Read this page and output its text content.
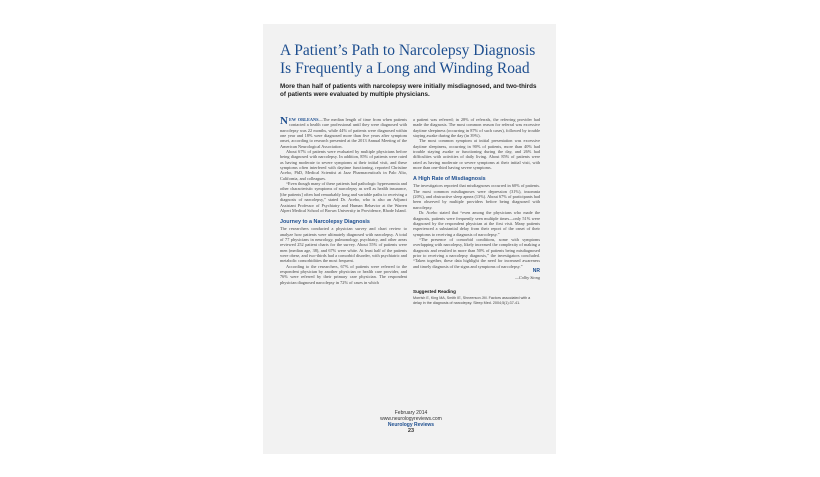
A Patient’s Path to Narcolepsy Diagnosis Is Frequently a Long and Winding Road

More than half of patients with narcolepsy were initially misdiagnosed, and two-thirds of patients were evaluated by multiple physicians.

NEW ORLEANS—The median length of time from when patients contacted a health care professional until they were diagnosed with narcolepsy was 22 months, while 44% of patients were diagnosed within one year and 18% were diagnosed more than five years after symptom onset, according to research presented at the 2013 Annual Meeting of the American Neurological Association.

About 67% of patients were evaluated by multiple physicians before being diagnosed with narcolepsy. In addition, 85% of patients were rated as having moderate to severe symptoms at their initial visit, and these symptoms often interfered with daytime functioning, reported Christine Acebo, PhD, Medical Scientist at Jazz Pharmaceuticals in Palo Alto, California, and colleagues.

“Even though many of these patients had pathologic hypersomnia and other characteristic symptoms of narcolepsy as well as health insurance, [the patients] often had remarkably long and variable paths to receiving a diagnosis of narcolepsy,” stated Dr. Acebo, who is also an Adjunct Assistant Professor of Psychiatry and Human Behavior at the Warren Alpert Medical School of Brown University in Providence, Rhode Island.

Journey to a Narcolepsy Diagnosis

The researchers conducted a physician survey and chart review to analyze how patients were ultimately diagnosed with narcolepsy. A total of 77 physicians in neurology, pulmonology, psychiatry, and other areas reviewed 252 patient charts for the survey. About 55% of patients were men (median age, 38), and 67% were white. At least half of the patients were obese, and two-thirds had a comorbid disorder, with psychiatric and metabolic comorbidities the most frequent.

According to the researchers, 67% of patients were referred to the respondent physician by another physician or health care provider, and 76% were referred by their primary care physician. The respondent physician diagnosed narcolepsy in 72% of cases in which

a patient was referred; in 28% of referrals, the referring provider had made the diagnosis. The most common reason for referral was excessive daytime sleepiness (occurring in 87% of such cases), followed by trouble staying awake during the day (in 39%).

The most common symptom at initial presentation was excessive daytime sleepiness, occurring in 90% of patients, more than 40% had trouble staying awake or functioning during the day, and 26% had difficulties with activities of daily living. About 85% of patients were rated as having moderate or severe symptoms at their initial visit, with more than one-third having severe symptoms.

A High Rate of Misdiagnosis

The investigators reported that misdiagnoses occurred in 60% of patients. The most common misdiagnoses were depression (31%), insomnia (20%), and obstructive sleep apnea (13%). About 67% of participants had been observed by multiple providers before being diagnosed with narcolepsy.

Dr. Acebo stated that “even among the physicians who made the diagnosis, patients were frequently seen multiple times—only 51% were diagnosed by the respondent physician at the first visit. Many patients experienced a substantial delay from their report of the onset of their symptoms to receiving a diagnosis of narcolepsy.”

“The presence of comorbid conditions, some with symptoms overlapping with narcolepsy, likely increased the complexity of making a diagnosis and resulted in more than 50% of patients being misdiagnosed prior to receiving a narcolepsy diagnosis,” the investigators concluded. “Taken together, these data highlight the need for increased awareness and timely diagnosis of the signs and symptoms of narcolepsy.”

NR
—Colby Stong
Suggested Reading
Morrish E, King MA, Smith IE, Shneerson JM. Factors associated with a delay in the diagnosis of narcolepsy. Sleep Med. 2004;5(1):37-41.
February 2014
www.neurologyreviews.com
Neurology Reviews
23
